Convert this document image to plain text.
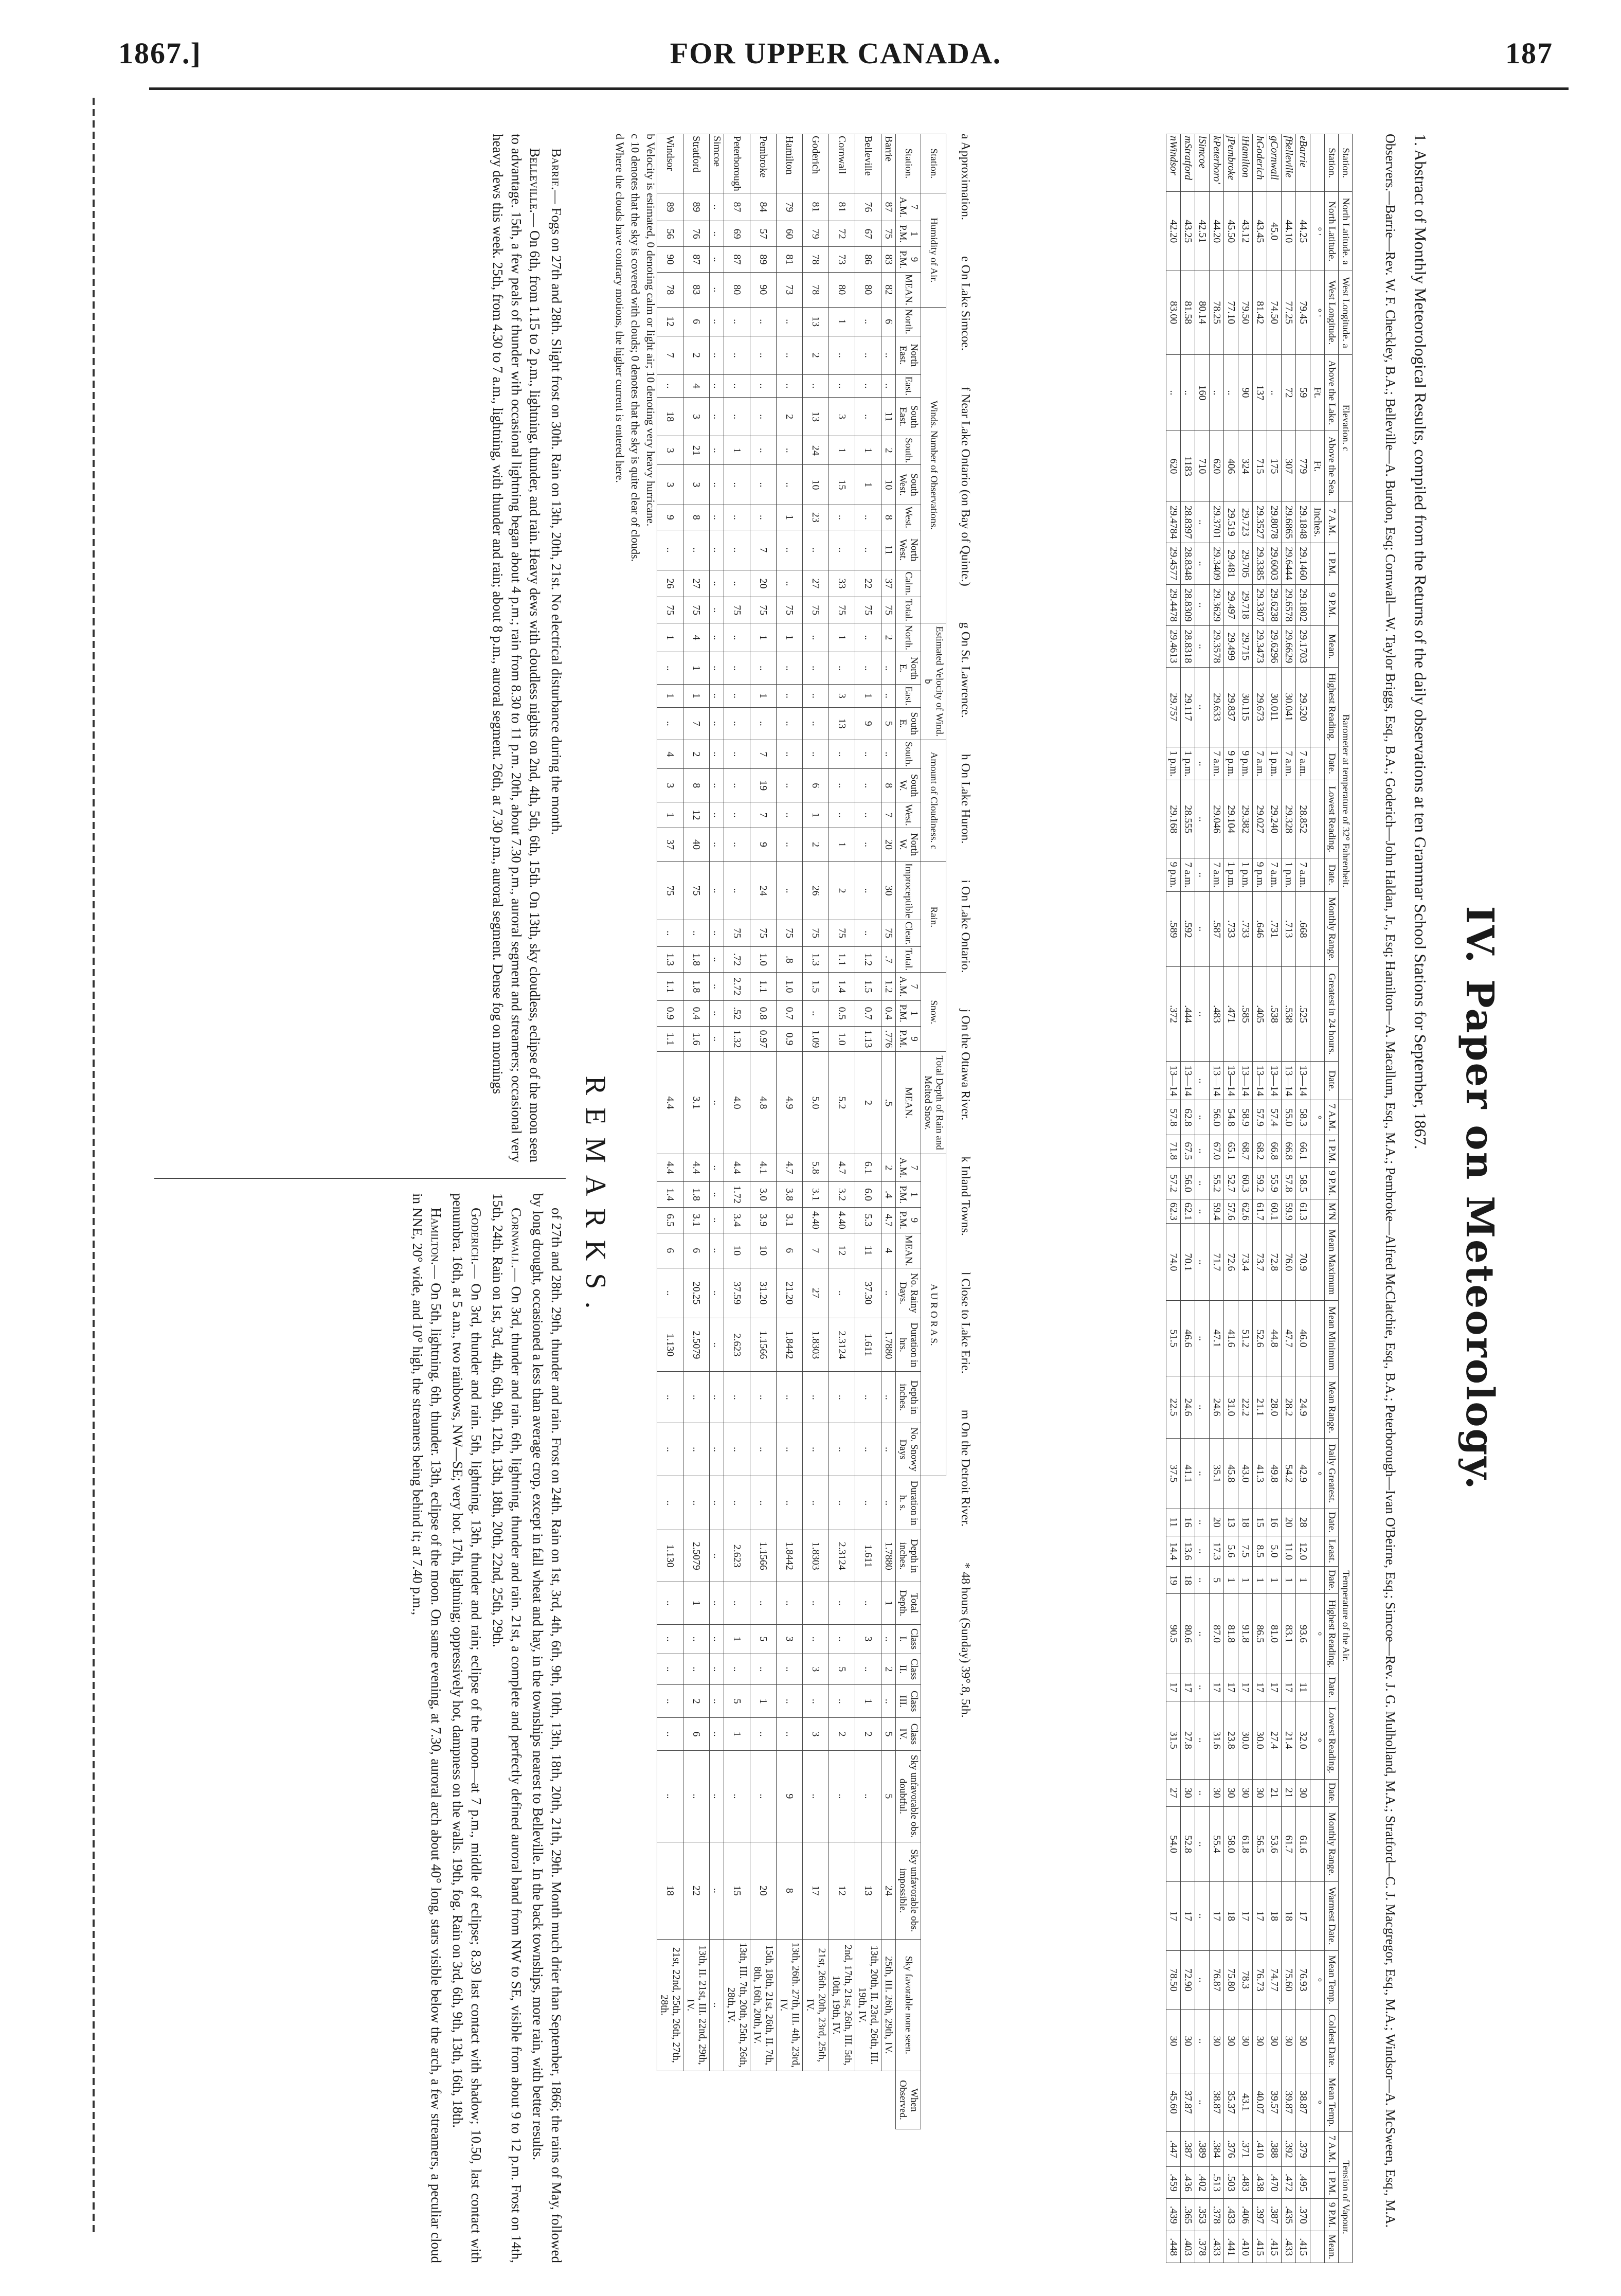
1867.]	FOR UPPER CANADA.	187
IV. Paper on Meteorology.
1. Abstract of Monthly Meteorological Results, compiled from the Returns of the daily observations at ten Grammar School Stations for September, 1867.
Observers.—Barrie—Rev. W. F. Checkley, B.A.; Belleville—A. Burdon, Esq; Cornwall—W. Taylor Briggs, Esq., B.A.; Goderich—John Haldan, Jr., Esq; Hamilton—A. Macallum, Esq., M.A.; Pembroke—Alfred McClatchie, Esq., B.A.; Peterborough—Ivan O'Beirne, Esq.; Simcoe—Rev. J. G. Mulholland, M.A.; Stratford—C. J. Macgregor, Esq., M.A.; Windsor—A. McSween, Esq., M.A.
Station.	North Latitude. a	West Longitude. a	Elevation. c		Barometer at temperature of 32° Fahrenheit.											Temperature of the Air.																				Tension of Vapour.			
Station.	North Latitude.	West Longitude.	Above the Lake.	Above the Sea.	7 A.M.	1 P.M.	9 P.M.	Mean.	Highest Reading.	Date.	Lowest Reading.	Date.	Monthly Range.	Greatest in 24 hours.	Date.	7 A.M.	1 P.M.	9 P.M.	M'N	Mean Maximum	Mean Minimum	Mean Range.	Daily Greatest.	Date.	Least.	Date.	Highest Reading.	Date.	Lowest Reading.	Date.	Monthly Range.	Warmest Date.	Mean Temp.	Coldest Date.	Mean Temp.	7 A.M.	1 P.M.	9 P.M.	Mean.
	° '	° '	Ft.	Ft.	Inches.											°							°				°		°				°		°				
eBarrie	44.25	79.45	59	779	29.1848	29.1460	29.1802	29.1703	29.520	7 a.m.	28.852	7 a.m.	.668	.525	13—14	58.3	66.1	58.5	61.3	70.9	46.0	24.9	42.9	28	12.0	1	93.6	11	32.0	30	61.6	17	76.93	30	38.87	.379	.495	.370	.415
fBelleville	44.10	77.25	72	307	29.6865	29.6444	29.6578	29.6629	30.041	7 a.m.	29.328	1 p.m.	.713	.538	13—14	55.0	66.8	57.8	59.9	76.0	47.7	28.2	54.2	20	11.0	1	83.1	17	21.4	21	61.7	18	75.60	30	39.87	.392	.472	.435	.433
gCornwall	45.0	74.50	..	175	29.8078	29.6003	29.6238	29.6296	30.011	1 p.m.	29.240	7 a.m.	.731	.538	13—14	57.4	66.8	55.9	60.1	72.8	44.8	28.0	49.8	16	5.0	1	81.0	17	27.4	21	53.6	18	74.77	30	39.57	.388	.470	.387	.415
hGoderich	43.45	81.42	137	715	29.3527	29.3385	29.3307	29.3473	29.673	7 a.m.	29.027	9 p.m.	.646	.405	13—14	57.9	68.2	59.2	61.7	73.7	52.6	21.1	41.3	15	8.5	1	86.5	17	30.0	30	56.5	17	76.73	30	40.07	.410	.438	.397	.415
iHamilton	43.12	79.50	90	324	29.723	29.705	29.718	29.715	30.115	9 p.m.	29.382	1 p.m.	.733	.585	13—14	58.9	68.7	60.3	62.6	73.4	51.2	22.2	43.0	18	7.5	1	91.8	17	30.0	30	61.8	17	78.3	30	43.1	.371	.483	.406	.410
jPembroke	45.50	77.10	..	406	29.519	29.481	29.497	29.499	29.837	9 p.m.	29.104	1 p.m.	.733	.471	13—14	54.8	65.1	52.7	57.6	72.6	41.6	31.0	45.8	13	5.6	1	81.8	17	23.8	30	58.0	18	75.80	30	35.37	.376	.503	.433	.441
kPeterboro'	44.20	78.25	..	620	29.3701	29.3409	29.3629	29.3578	29.633	7 a.m.	29.046	7 a.m.	.587	.483	13—14	56.0	67.0	55.2	59.4	71.7	47.1	24.6	35.1	20	17.3	5	87.0	17	31.6	30	55.4	17	76.87	30	38.87	.384	.513	.378	.433
lSimcoe	42.51	80.14	160	710	..	..	..	..	..	..	..	..	..	..	..	..	..	..	..	..	..	..	..	..	..	..	..	..	..	..	..	..	..	..	..	.389	.402	.353	.378
mStratford	43.25	81.58	..	1183	28.8397	28.8348	28.8309	28.8318	29.117	1 p.m.	28.555	7 a.m.	.592	.444	13—14	62.8	67.5	56.0	62.1	70.1	46.6	24.6	41.1	16	13.6	18	80.6	17	27.8	30	52.8	17	72.90	30	37.87	.387	.436	.365	.403
nWindsor	42.20	83.00	..	620	29.4784	29.4577	29.4478	29.4613	29.757	1 p.m.	29.168	9 p.m.	.589	.372	13—14	57.8	71.8	57.2	62.3	74.0	51.5	22.5	37.5	11	14.4	19	90.5	17	31.5	27	54.0	17	78.50	30	45.60	.447	.459	.439	.448
a Approximation.e On Lake Simcoe.f Near Lake Ontario (on Bay of Quinte.)g On St. Lawrence.h On Lake Huron.i On Lake Ontario.j On the Ottawa River.k Inland Towns.l Close to Lake Erie.m On the Detroit River.* 48 hours (Sunday) 39°.8, 5th.
Station.	Humidity of Air.				Winds. Number of Observations.										Estimated Velocity of Wind. b				Amount of Cloudiness. c				Rain.			Snow.			Total Depth of Rain and Melted Snow.	A U R O R A S.																		
Station.	7 A.M.	1 P.M.	9 P.M.	MEAN.	North.	North East.	East.	South East.	South.	South West.	West.	North West.	Calm.	Total.	North.	North E.	East.	South E.	South.	South W.	West.	North W.	Improceptible	Clear.	Total.	7 A.M.	1 P.M.	9 P.M.	MEAN.	7 A.M.	1 P.M.	9 P.M.	MEAN.	No. Rainy Days.	Duration in hrs.	Depth in inches.	No. Snowy Days	Duration in h. s.	Depth in inches.	Total Depth.	Class I.	Class II.	Class III.	Class IV.	Sky unfavorable obs. doubtful.	Sky unfavorable obs. impossible.	Sky favorable none seen.	When Observed.
Barrie	87	75	83	82	6	..	..	11	2	10	8	11	37	75	2	..	..	5	..	8	7	20	30	75	.7	1.2	0.4	.776	.5	2	.4	4.7	4	..	1.7880	..	..	..	1.7880	1	..	2	..	5	5	24	25th, III. 26th, 29th, IV.	
Belleville	76	67	86	80	..	..	..	..	1	1	..	..	22	75	..	..	1	9	..	..	..	..	..	..	1.2	1.5	0.7	1.13	2	6.1	6.0	5.3	11	37.30	1.611	..	..	..	1.611	..	3	..	1	2	..	13	13th, 20th, II. 23rd, 26th, III. 19th, IV.	
Cornwall	81	72	73	80	1	..	..	3	1	15	..	..	33	75	1	..	3	13	..	..	..	1	2	75	1.1	1.4	0.5	1.0	5.2	4.7	3.2	4.40	12	..	2.3124	..	..	..	2.3124	..	..	5	..	2	..	12	2nd, 17th, 21st, 26th, III. 5th, 10th, 19th, IV.	
Goderich	81	79	78	78	13	2	..	13	24	10	23	..	27	75	..	..	..	..	..	6	1	2	26	75	1.3	1.5	..	1.09	5.0	5.8	3.1	4.40	7	27	1.8303	..	..	..	1.8303	..	..	3	..	3	..	17	21st, 26th. 20th, 23rd, 25th, IV.	
Hamilton	79	60	81	73	..	..	..	2	..	..	1	..	..	75	1	..	..	..	..	..	..	..	..	75	.8	1.0	0.7	0.9	4.9	4.7	3.8	3.1	6	21.20	1.8442	..	..	..	1.8442	..	3	..	..	..	9	8	13th, 26th. 27th, III. 4th, 23rd, IV.	
Pembroke	84	57	89	90	..	..	..	..	..	..	..	7	20	75	1	..	1	..	7	19	7	9	24	75	1.0	1.1	0.8	0.97	4.8	4.1	3.0	3.9	10	31.20	1.1566	..	..	..	1.1566	..	5	..	1	..	..	20	15th, 18th, 21st, 26th, II. 7th, 8th, 16th, 20th, IV.	
Peterborough	87	69	87	80	..	..	..	..	1	..	..	..	..	75	..	..	..	..	..	..	..	..	..	75	.72	2.72	.52	1.32	4.0	4.4	1.72	3.4	10	37.59	2.623	..	..	..	2.623	..	1	..	5	1	..	15	13th, III. 7th, 20th, 25th, 26th, 28th, IV.	
Simcoe	..	..	..	..	..	..	..	..	..	..	..	..	..	..	..	..	..	..	..	..	..	..	..	..	..	..	..	..	..	..	..	..	..	..	..	..	..	..	..	..	..	..	..	..	..	..	..	
Stratford	89	76	87	83	6	2	4	3	21	3	8	..	27	75	4	1	1	7	2	8	12	40	75	..	1.8	1.8	0.4	1.6	3.1	4.4	1.8	3.1	6	20.25	2.5079	..	..	..	2.5079	1	..	..	2	6	..	22	13th, II. 21st, III. 22nd, 29th, IV.	
Windsor	89	56	90	78	12	7	..	18	3	3	9	..	26	75	1	..	1	..	4	3	1	37	75	..	1.3	1.1	0.9	1.1	4.4	4.4	1.4	6.5	6	..	1.130	..	..	..	1.130	..	..	..	..	..	..	18	21st, 22nd, 25th, 26th, 27th, 28th.	
b Velocity is estimated, 0 denoting calm or light air; 10 denoting very heavy hurricane.
c 10 denotes that the sky is covered with clouds; 0 denotes that the sky is quite clear of clouds.
d Where the clouds have contrary motions, the higher current is entered here.
REMARKS.

Barrie.— Fogs on 27th and 28th. Slight frost on 30th. Rain on 13th, 20th, 21st. No electrical disturbance during the month.

Belleville.— On 6th, from 1.15 to 2 p.m., lightning, thunder, and rain. Heavy dews with cloudless nights on 2nd, 4th, 5th, 6th, 15th. On 13th, sky cloudless, eclipse of the moon seen to advantage. 15th, a few peals of thunder with occasional lightning began about 4 p.m.; rain from 8.30 to 11 p.m. 20th, about 7.30 p.m., auroral segment and streamers; occasional very heavy dews this week. 25th, from 4.30 to 7 a.m., lightning, with thunder and rain; about 8 p.m., auroral segment. 26th, at 7.30 p.m., auroral segment. Dense fog on mornings

of 27th and 28th. 29th, thunder and rain. Frost on 24th. Rain on 1st, 3rd, 4th, 6th, 9th, 10th, 13th, 18th, 20th, 21th, 29th. Month much drier than September, 1866; the rains of May, followed by long drought, occasioned a less than average crop, except in fall wheat and hay, in the townships nearest to Belleville. In the back townships, more rain, with better results.

Cornwall.— On 3rd, thunder and rain. 6th, lightning, thunder and rain. 21st, a complete and perfectly defined auroral band from NW to SE, visible from about 9 to 12 p.m. Frost on 14th, 15th, 24th. Rain on 1st, 3rd, 4th, 6th, 9th, 12th, 13th, 18th, 20th, 22nd, 25th, 29th.

Goderich.— On 3rd, thunder and rain. 5th, lightning. 13th, thunder and rain; eclipse of the moon—at 7 p.m., middle of eclipse; 8.39 last contact with shadow; 10.50, last contact with penumbra. 16th, at 5 a.m., two rainbows, NW—SE; very hot. 17th, lightning; oppressively hot, dampness on the walls. 19th, fog. Rain on 3rd, 6th, 9th, 13th, 16th, 18th.

Hamilton.— On 5th, lightning. 6th, thunder. 13th, eclipse of the moon. On same evening, at 7.30, auroral arch about 40° long, stars visible below the arch, a few streamers, a peculiar cloud in NNE, 20° wide, and 10° high, the streamers being behind it; at 7.40 p.m.,
